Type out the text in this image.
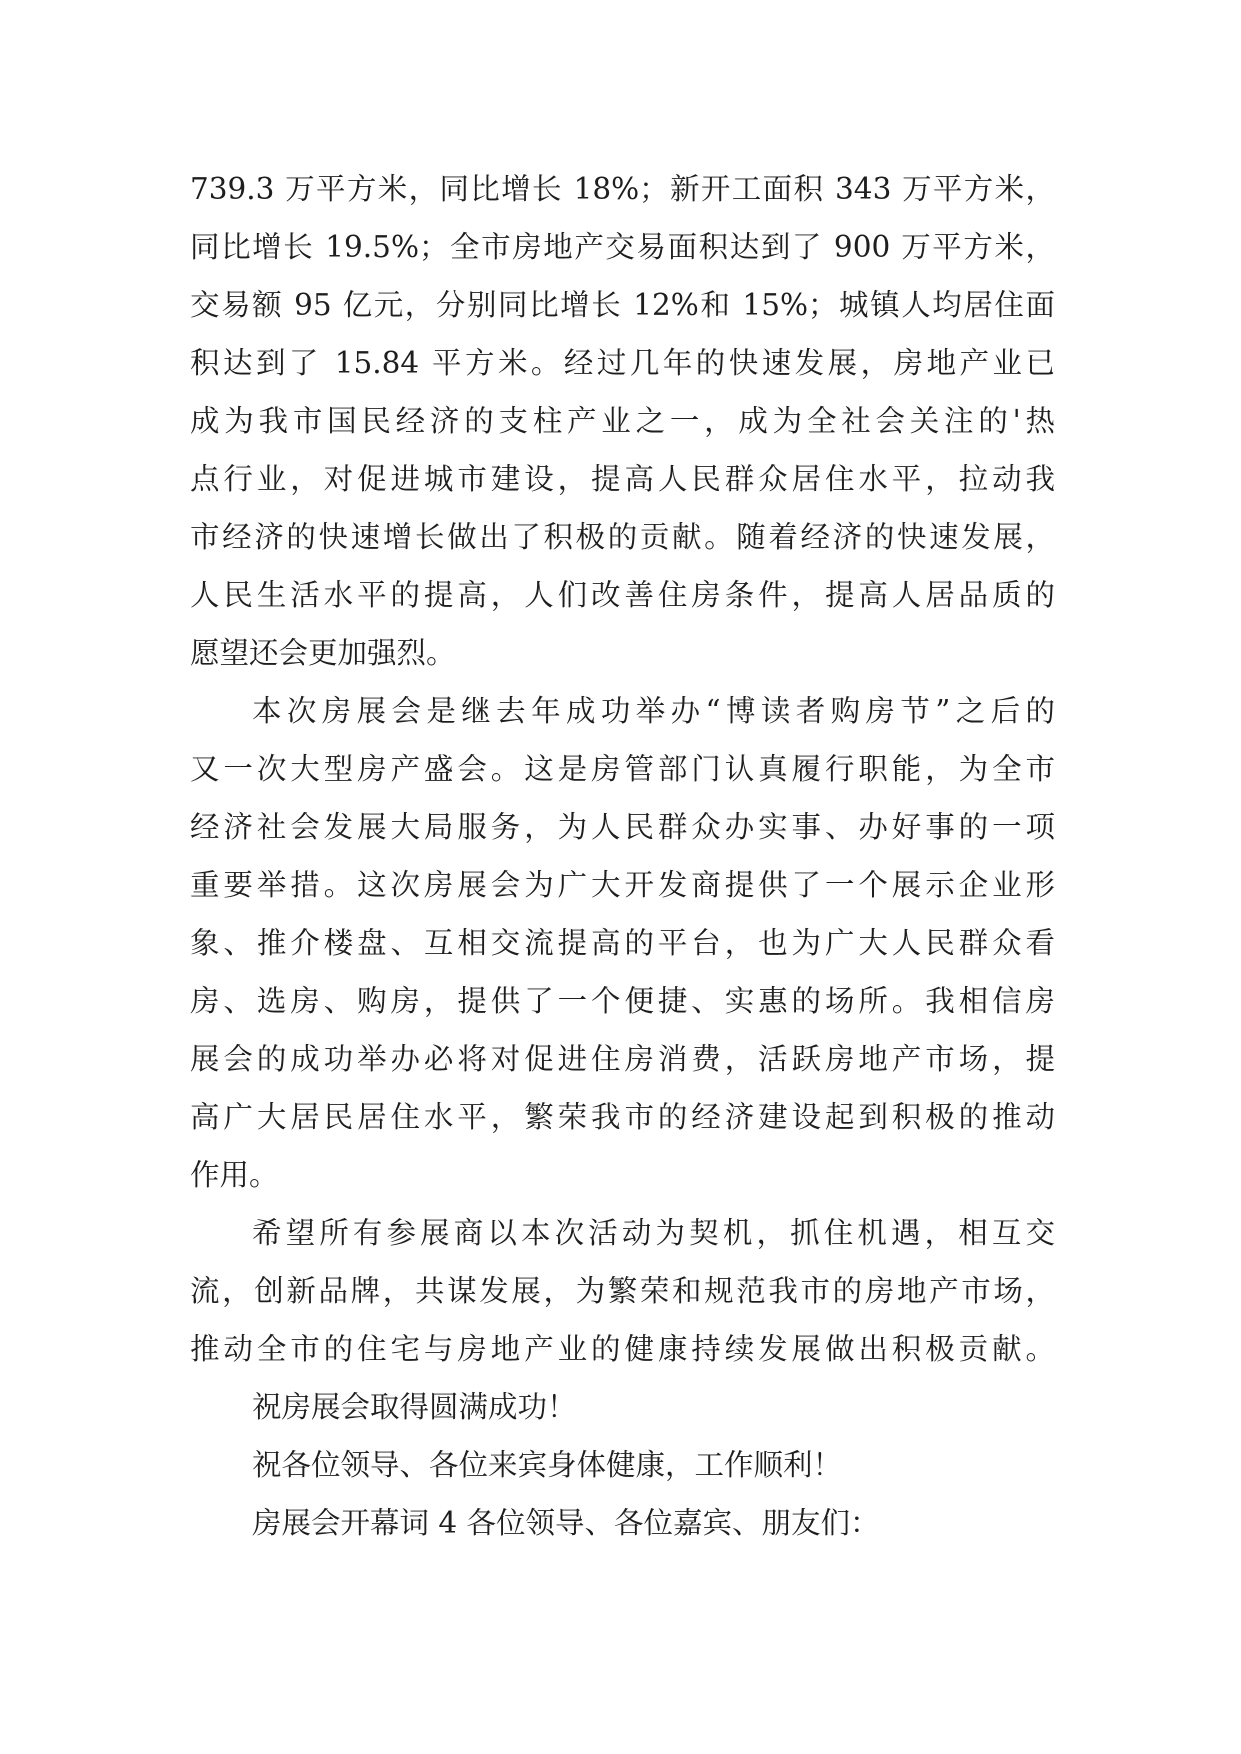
739.3 万平方米，同比增长 18%；新开工面积 343 万平方米，
同比增长 19.5%；全市房地产交易面积达到了 900 万平方米，
交易额 95 亿元，分别同比增长 12%和 15%；城镇人均居住面
积达到了 15.84 平方米。经过几年的快速发展，房地产业已
成为我市国民经济的支柱产业之一，成为全社会关注的'热
点行业，对促进城市建设，提高人民群众居住水平，拉动我
市经济的快速增长做出了积极的贡献。随着经济的快速发展，
人民生活水平的提高，人们改善住房条件，提高人居品质的
愿望还会更加强烈。
本次房展会是继去年成功举办“博读者购房节”之后的
又一次大型房产盛会。这是房管部门认真履行职能，为全市
经济社会发展大局服务，为人民群众办实事、办好事的一项
重要举措。这次房展会为广大开发商提供了一个展示企业形
象、推介楼盘、互相交流提高的平台，也为广大人民群众看
房、选房、购房，提供了一个便捷、实惠的场所。我相信房
展会的成功举办必将对促进住房消费，活跃房地产市场，提
高广大居民居住水平，繁荣我市的经济建设起到积极的推动
作用。
希望所有参展商以本次活动为契机，抓住机遇，相互交
流，创新品牌，共谋发展，为繁荣和规范我市的房地产市场，
推动全市的住宅与房地产业的健康持续发展做出积极贡献。
祝房展会取得圆满成功！
祝各位领导、各位来宾身体健康，工作顺利！
房展会开幕词 4 各位领导、各位嘉宾、朋友们：
